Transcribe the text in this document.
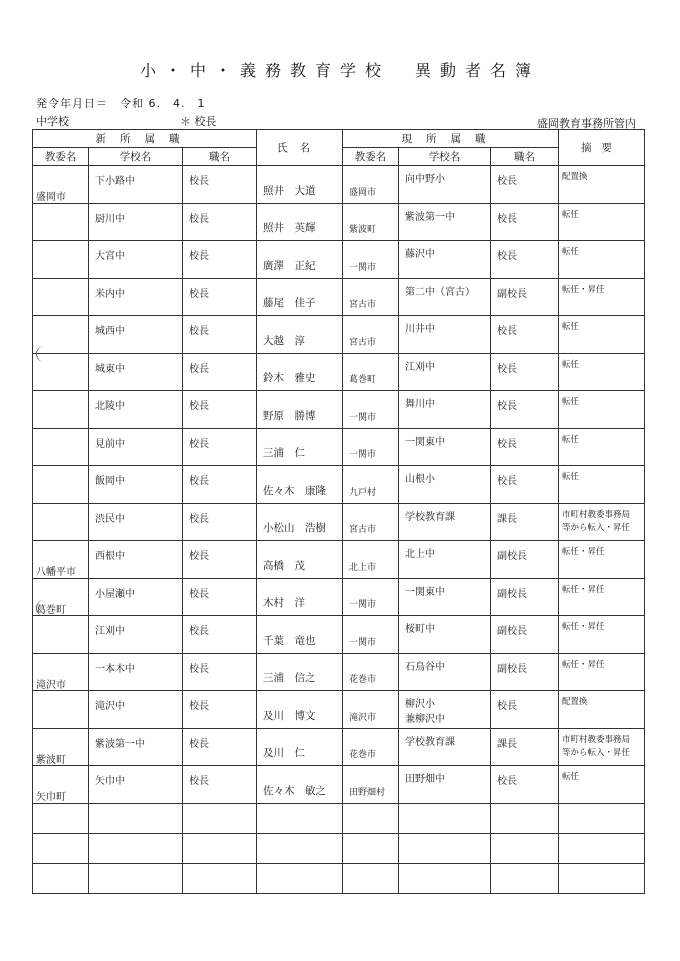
小・中・義務教育学校　異動者名簿
発令年月日＝　令和 6.　4.　1
中学校	＊ 校長	盛岡教育事務所管内
新所属職			氏名	現所属職			摘要
教委名	学校名	職名		教委名	学校名	職名	

盛岡市	下小路中	校長	照井　大道	盛岡市	向中野小	校長	配置換

	厨川中	校長	照井　英輝	紫波町	紫波第一中	校長	転任

	大宮中	校長	廣澤　正紀	一関市	藤沢中	校長	転任

	米内中	校長	藤尾　佳子	宮古市	第二中（宮古）	副校長	転任・昇任

	城西中	校長	大越　淳	宮古市	川井中	校長	転任

	城東中	校長	鈴木　雅史	葛巻町	江刈中	校長	転任

	北陵中	校長	野原　勝博	一関市	舞川中	校長	転任

	見前中	校長	三浦　仁	一関市	一関東中	校長	転任

	飯岡中	校長	佐々木　康隆	九戸村	山根小	校長	転任

	渋民中	校長	小松山　浩樹	宮古市	学校教育課	課長	市町村教委事務局
等から転入・昇任

八幡平市	西根中	校長	高橋　茂	北上市	北上中	副校長	転任・昇任

葛巻町	小屋瀬中	校長	木村　洋	一関市	一関東中	副校長	転任・昇任

	江刈中	校長	千葉　竜也	一関市	桜町中	副校長	転任・昇任

滝沢市	一本木中	校長	三浦　信之	花巻市	石鳥谷中	副校長	転任・昇任

	滝沢中	校長	及川　博文	滝沢市	柳沢小
兼柳沢中	校長	配置換

紫波町	紫波第一中	校長	及川　仁	花巻市	学校教育課	課長	市町村教委事務局
等から転入・昇任

矢巾町	矢巾中	校長	佐々木　敏之	田野畑村	田野畑中	校長	転任
